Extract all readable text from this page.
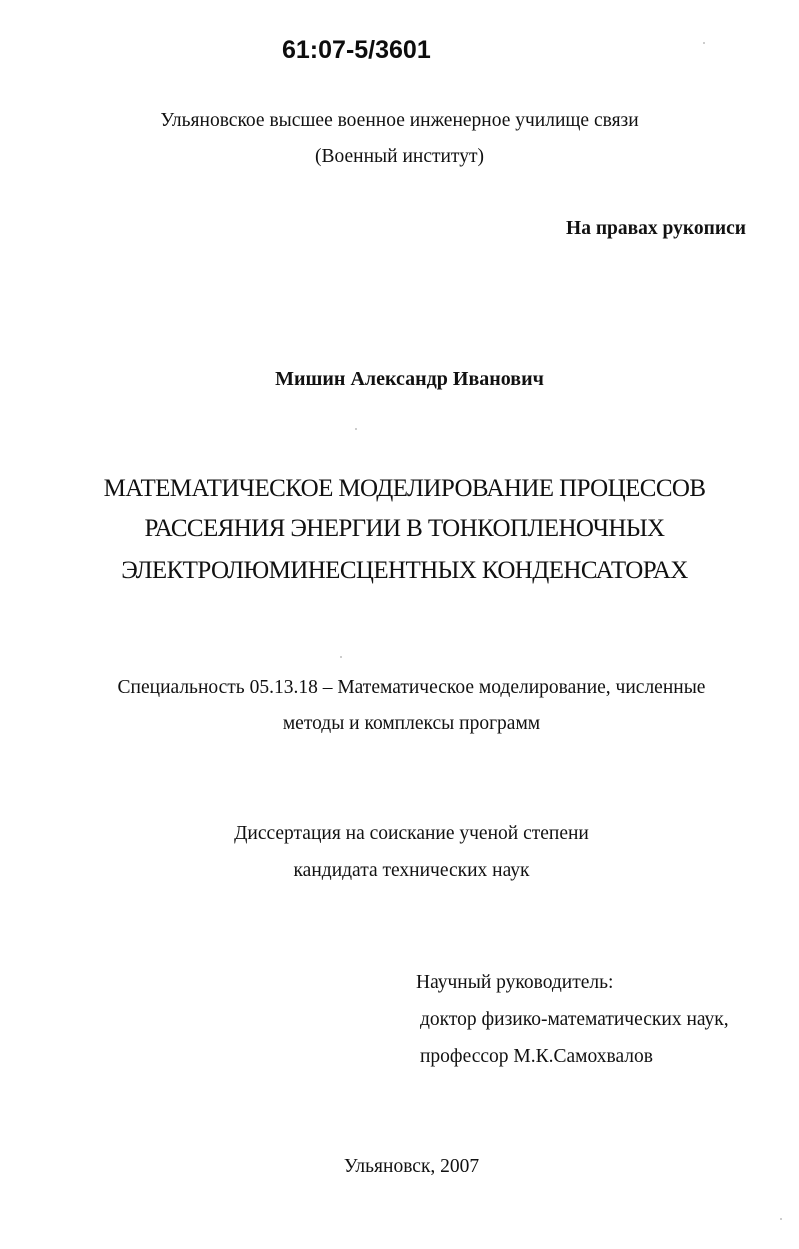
61:07-5/3601
Ульяновское высшее военное инженерное училище связи
(Военный институт)
На правах рукописи
Мишин Александр Иванович
МАТЕМАТИЧЕСКОЕ МОДЕЛИРОВАНИЕ ПРОЦЕССОВ
РАССЕЯНИЯ ЭНЕРГИИ В ТОНКОПЛЕНОЧНЫХ
ЭЛЕКТРОЛЮМИНЕСЦЕНТНЫХ КОНДЕНСАТОРАХ
Специальность 05.13.18 – Математическое моделирование, численные
методы и комплексы программ
Диссертация на соискание ученой степени
кандидата технических наук
Научный руководитель:
доктор физико-математических наук,
профессор М.К.Самохвалов
Ульяновск, 2007
